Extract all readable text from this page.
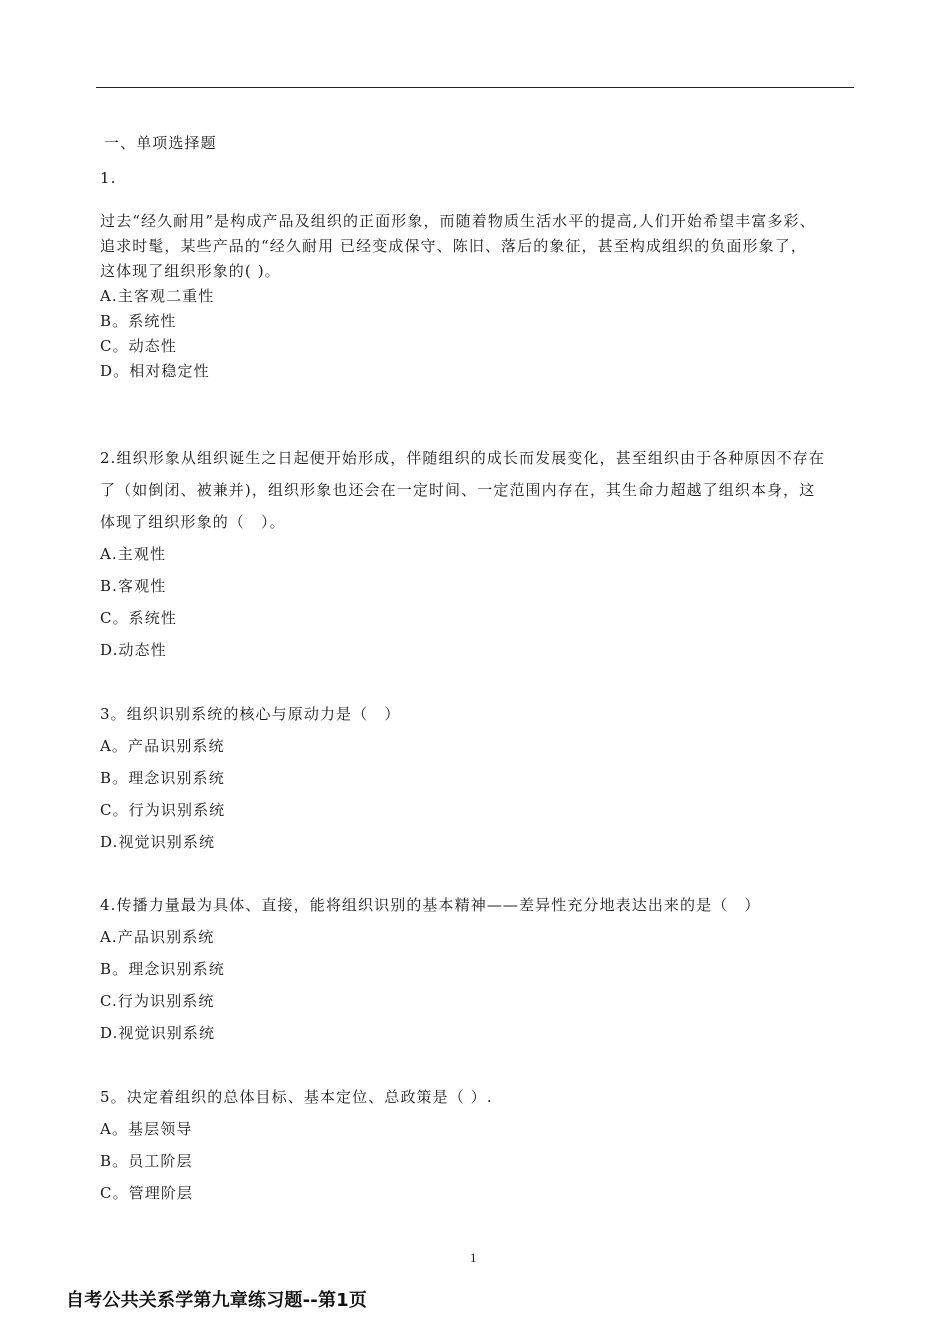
一、单项选择题
1.
过去“经久耐用”是构成产品及组织的正面形象，而随着物质生活水平的提高,人们开始希望丰富多彩、
追求时髦，某些产品的“经久耐用 已经变成保守、陈旧、落后的象征，甚至构成组织的负面形象了，
这体现了组织形象的( )。
A.主客观二重性
B。系统性
C。动态性
D。相对稳定性
2.组织形象从组织诞生之日起便开始形成，伴随组织的成长而发展变化，甚至组织由于各种原因不存在
了（如倒闭、被兼并)，组织形象也还会在一定时间、一定范围内存在，其生命力超越了组织本身，这
体现了组织形象的（　）。
A.主观性
B.客观性
C。系统性
D.动态性
3。组织识别系统的核心与原动力是（　）
A。产品识别系统
B。理念识别系统
C。行为识别系统
D.视觉识别系统
4.传播力量最为具体、直接，能将组织识别的基本精神——差异性充分地表达出来的是（　）
A.产品识别系统
B。理念识别系统
C.行为识别系统
D.视觉识别系统
5。决定着组织的总体目标、基本定位、总政策是（ ）.
A。基层领导
B。员工阶层
C。管理阶层
1
自考公共关系学第九章练习题--第1页
